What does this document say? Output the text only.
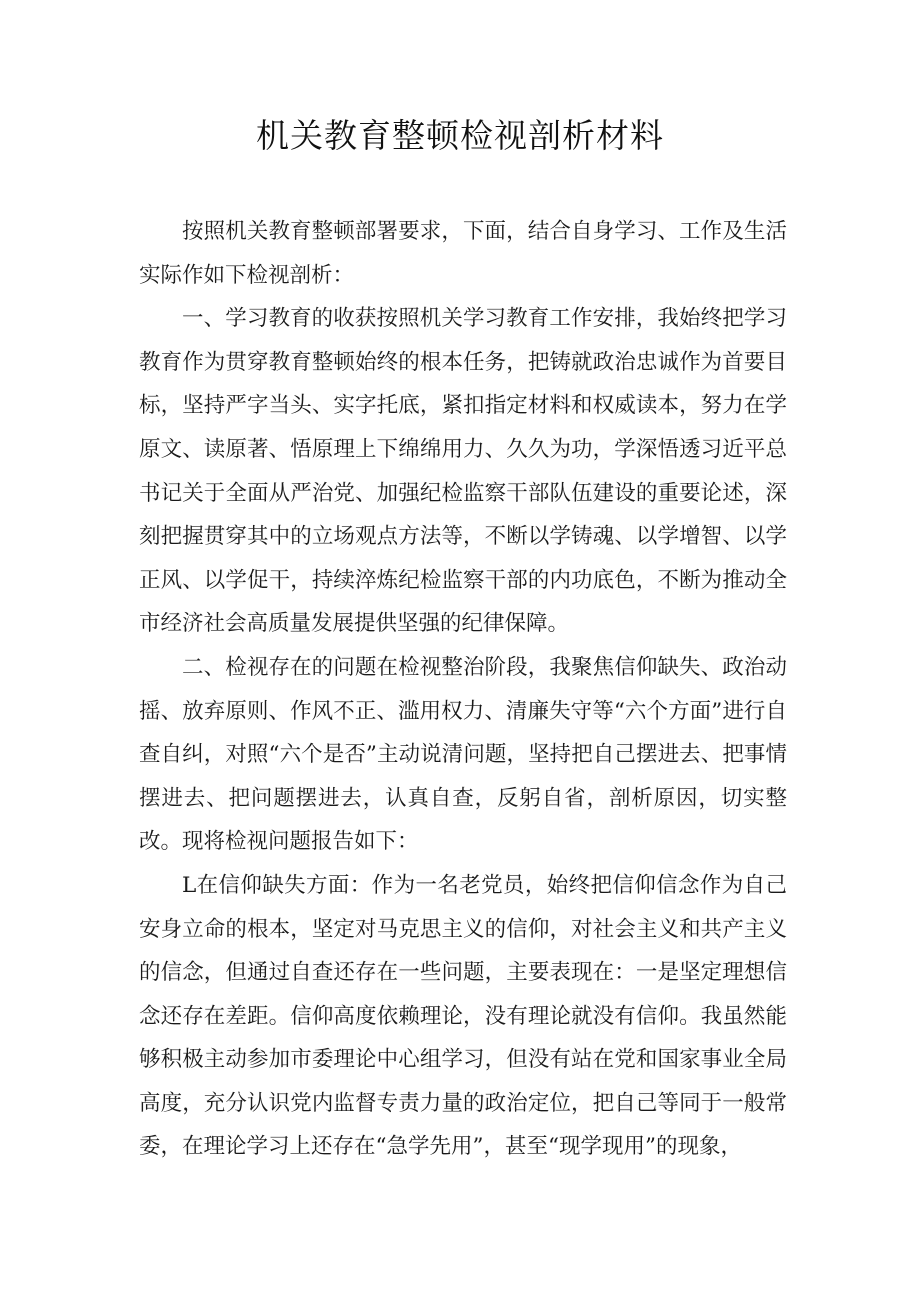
机关教育整顿检视剖析材料

按照机关教育整顿部署要求，下面，结合自身学习、工作及生活实际作如下检视剖析：

一、学习教育的收获按照机关学习教育工作安排，我始终把学习教育作为贯穿教育整顿始终的根本任务，把铸就政治忠诚作为首要目标，坚持严字当头、实字托底，紧扣指定材料和权威读本，努力在学原文、读原著、悟原理上下绵绵用力、久久为功，学深悟透习近平总书记关于全面从严治党、加强纪检监察干部队伍建设的重要论述，深刻把握贯穿其中的立场观点方法等，不断以学铸魂、以学增智、以学正风、以学促干，持续淬炼纪检监察干部的内功底色，不断为推动全市经济社会高质量发展提供坚强的纪律保障。

二、检视存在的问题在检视整治阶段，我聚焦信仰缺失、政治动摇、放弃原则、作风不正、滥用权力、清廉失守等“六个方面”进行自查自纠，对照“六个是否”主动说清问题，坚持把自己摆进去、把事情摆进去、把问题摆进去，认真自查，反躬自省，剖析原因，切实整改。现将检视问题报告如下：

L在信仰缺失方面：作为一名老党员，始终把信仰信念作为自己安身立命的根本，坚定对马克思主义的信仰，对社会主义和共产主义的信念，但通过自查还存在一些问题，主要表现在：一是坚定理想信念还存在差距。信仰高度依赖理论，没有理论就没有信仰。我虽然能够积极主动参加市委理论中心组学习，但没有站在党和国家事业全局高度，充分认识党内监督专责力量的政治定位，把自己等同于一般常委，在理论学习上还存在“急学先用”，甚至“现学现用”的现象，
